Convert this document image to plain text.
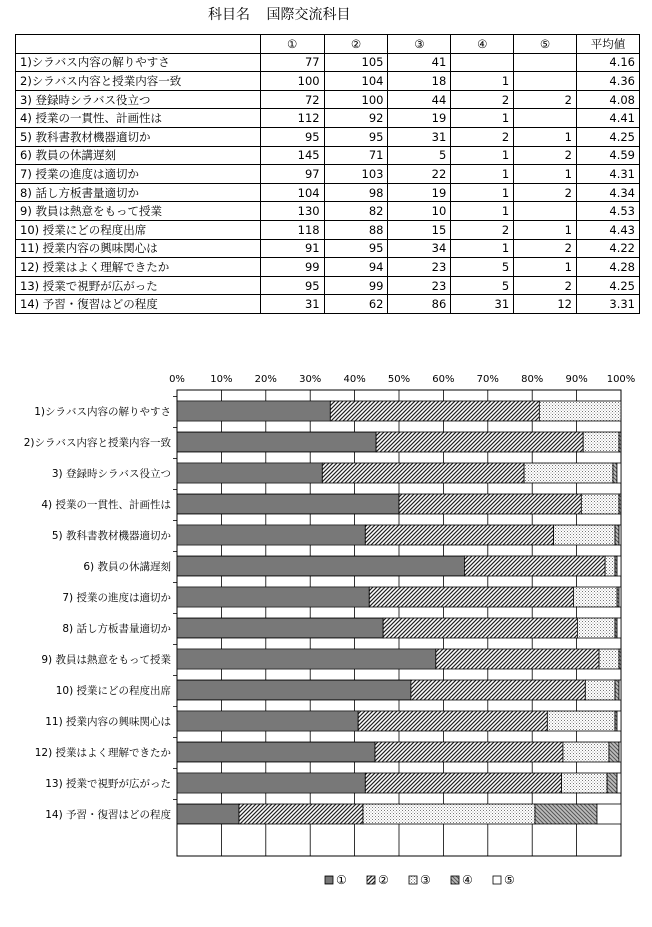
科目名 国際交流科目
	①	②	③	④	⑤	平均値
1)シラバス内容の解りやすさ	77	105	41			4.16
2)シラバス内容と授業内容一致	100	104	18	1		4.36
3) 登録時シラバス役立つ	72	100	44	2	2	4.08
4) 授業の一貫性、計画性は	112	92	19	1		4.41
5) 教科書教材機器適切か	95	95	31	2	1	4.25
6) 教員の休講遅刻	145	71	5	1	2	4.59
7) 授業の進度は適切か	97	103	22	1	1	4.31
8) 話し方板書量適切か	104	98	19	1	2	4.34
9) 教員は熱意をもって授業	130	82	10	1		4.53
10) 授業にどの程度出席	118	88	15	2	1	4.43
11) 授業内容の興味関心は	91	95	34	1	2	4.22
12) 授業はよく理解できたか	99	94	23	5	1	4.28
13) 授業で視野が広がった	95	99	23	5	2	4.25
14) 予習・復習はどの程度	31	62	86	31	12	3.31
0%	10% 20% 30% 40% 50% 60% 70% 80% 90% 100%
1)シラバス内容の解りやすさ
2)シラバス内容と授業内容一致
3) 登録時シラバス役立つ
4) 授業の一貫性、計画性は
5) 教科書教材機器適切か
6) 教員の休講遅刻
7) 授業の進度は適切か
8) 話し方板書量適切か
9) 教員は熱意をもって授業
10) 授業にどの程度出席
11) 授業内容の興味関心は
12) 授業はよく理解できたか
13) 授業で視野が広がった
14) 予習・復習はどの程度
①	②	③	④	⑤
